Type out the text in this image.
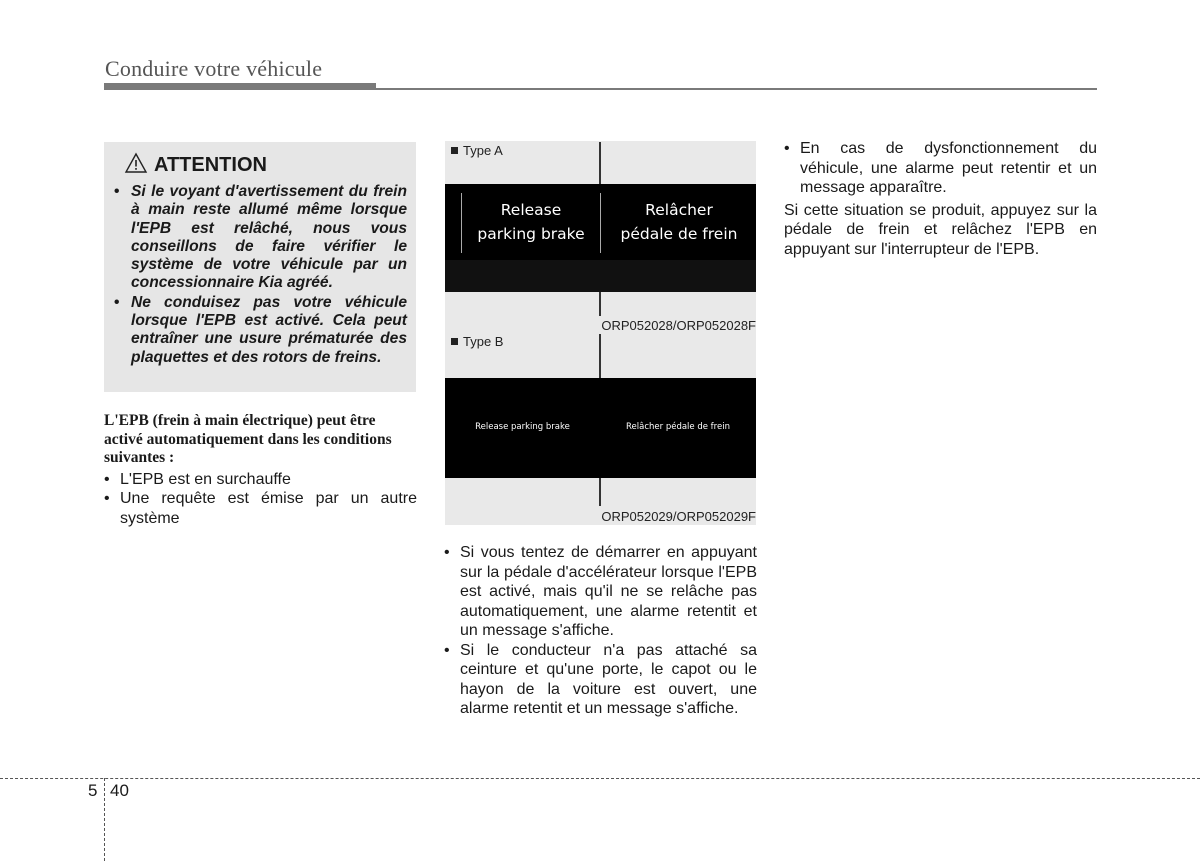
Conduire votre véhicule
ATTENTION
• Si le voyant d'avertissement du frein à main reste allumé même lorsque l'EPB est relâché, nous vous conseillons de faire vérifier le système de votre véhicule par un concessionnaire Kia agréé.
• Ne conduisez pas votre véhicule lorsque l'EPB est activé. Cela peut entraîner une usure prématurée des plaquettes et des rotors de freins.
L'EPB (frein à main électrique) peut être activé automatiquement dans les conditions suivantes :
• L'EPB est en surchauffe
• Une requête est émise par un autre système
Type A
Release
parking brake
Relâcher
pédale de frein
ORP052028/ORP052028F
Type B
Release parking brake	Relâcher pédale de frein
ORP052029/ORP052029F
• Si vous tentez de démarrer en appuyant sur la pédale d'accélérateur lorsque l'EPB est activé, mais qu'il ne se relâche pas automatiquement, une alarme retentit et un message s'affiche.
• Si le conducteur n'a pas attaché sa ceinture et qu'une porte, le capot ou le hayon de la voiture est ouvert, une alarme retentit et un message s'affiche.
• En cas de dysfonctionnement du véhicule, une alarme peut retentir et un message apparaître.

Si cette situation se produit, appuyez sur la pédale de frein et relâchez l'EPB en appuyant sur l'interrupteur de l'EPB.

5 40
